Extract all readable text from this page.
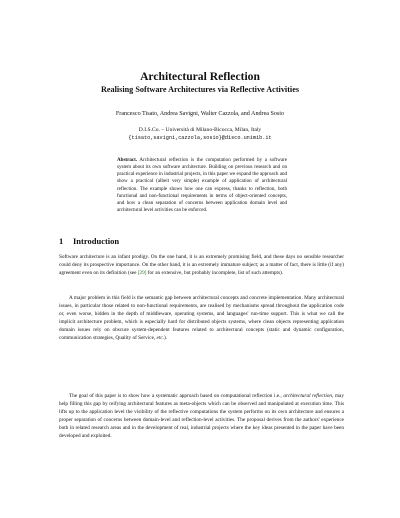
Architectural Reflection
Realising Software Architectures via Reflective Activities
Francesco Tisato, Andrea Savigni, Walter Cazzola, and Andrea Sosio
D.I.S.Co. – Università di Milano-Bicocca, Milan, Italy
{tisato,savigni,cazzola,sosio}@disco.unimib.it

Abstract. Architectural reflection is the computation performed by a software system about its own software architecture. Building on previous research and on practical experience in industrial projects, in this paper we expand the approach and show a practical (albeit very simple) example of application of architectural reflection. The example shows how one can express, thanks to reflection, both functional and non-functional requirements in terms of object-oriented concepts, and how a clean separation of concerns between application domain level and architectural level activities can be enforced.

1 Introduction

Software architecture is an infant prodigy. On the one hand, it is an extremely promising field, and these days no sensible researcher could deny its prospective importance. On the other hand, it is an extremely immature subject; as a matter of fact, there is little (if any) agreement even on its definition (see [29] for an extensive, but probably incomplete, list of such attempts).

A major problem in this field is the semantic gap between architectural concepts and concrete implementation. Many architectural issues, in particular those related to non-functional requirements, are realised by mechanisms spread throughout the application code or, even worse, hidden in the depth of middleware, operating systems, and languages' run-time support. This is what we call the implicit architecture problem, which is especially hard for distributed objects systems, where clean objects representing application domain issues rely on obscure system-dependent features related to architectural concepts (static and dynamic configuration, communication strategies, Quality of Service, etc.).

The goal of this paper is to show how a systematic approach based on computational reflection i.e., architectural reflection, may help filling this gap by reifying architectural features as meta-objects which can be observed and manipulated at execution time. This lifts up to the application level the visibility of the reflective computations the system performs on its own architecture and ensures a proper separation of concerns between domain-level and reflection-level activities. The proposal derives from the authors' experience both in related research areas and in the development of real, industrial projects where the key ideas presented in the paper have been developed and exploited.
